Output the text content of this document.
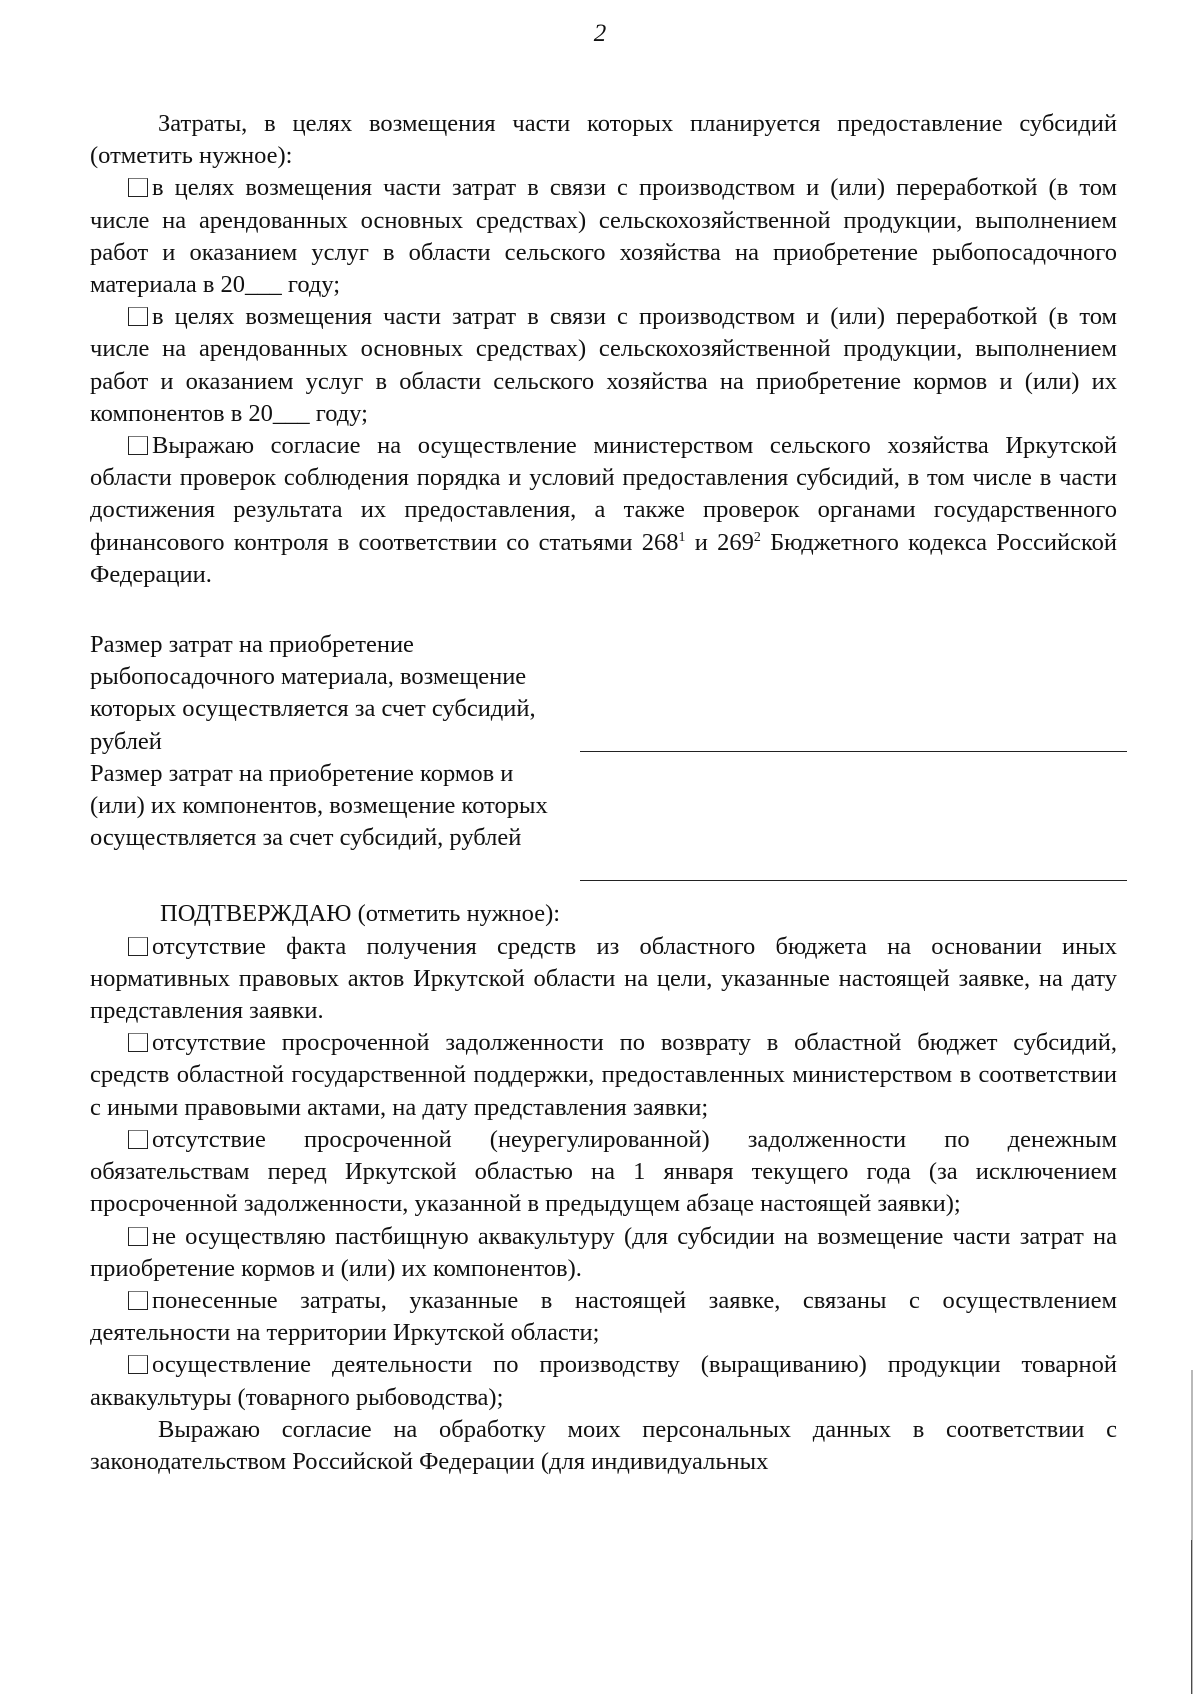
2

Затраты, в целях возмещения части которых планируется предоставление субсидий (отметить нужное):

в целях возмещения части затрат в связи с производством и (или) переработкой (в том числе на арендованных основных средствах) сельскохозяйственной продукции, выполнением работ и оказанием услуг в области сельского хозяйства на приобретение рыбопосадочного материала в 20___ году;

в целях возмещения части затрат в связи с производством и (или) переработкой (в том числе на арендованных основных средствах) сельскохозяйственной продукции, выполнением работ и оказанием услуг в области сельского хозяйства на приобретение кормов и (или) их компонентов в 20___ году;

Выражаю согласие на осуществление министерством сельского хозяйства Иркутской области проверок соблюдения порядка и условий предоставления субсидий, в том числе в части достижения результата их предоставления, а также проверок органами государственного финансового контроля в соответствии со статьями $268^1$ и $269^2$ Бюджетного кодекса Российской Федерации.

Размер затрат на приобретение рыбопосадочного материала, возмещение которых осуществляется за счет субсидий, рублей

Размер затрат на приобретение кормов и (или) их компонентов, возмещение которых осуществляется за счет субсидий, рублей

ПОДТВЕРЖДАЮ (отметить нужное):

отсутствие факта получения средств из областного бюджета на основании иных нормативных правовых актов Иркутской области на цели, указанные настоящей заявке, на дату представления заявки.

отсутствие просроченной задолженности по возврату в областной бюджет субсидий, средств областной государственной поддержки, предоставленных министерством в соответствии с иными правовыми актами, на дату представления заявки;

отсутствие просроченной (неурегулированной) задолженности по денежным обязательствам перед Иркутской областью на 1 января текущего года (за исключением просроченной задолженности, указанной в предыдущем абзаце настоящей заявки);

не осуществляю пастбищную аквакультуру (для субсидии на возмещение части затрат на приобретение кормов и (или) их компонентов).

понесенные затраты, указанные в настоящей заявке, связаны с осуществлением деятельности на территории Иркутской области;

осуществление деятельности по производству (выращиванию) продукции товарной аквакультуры (товарного рыбоводства);

Выражаю согласие на обработку моих персональных данных в соответствии с законодательством Российской Федерации (для индивидуальных
